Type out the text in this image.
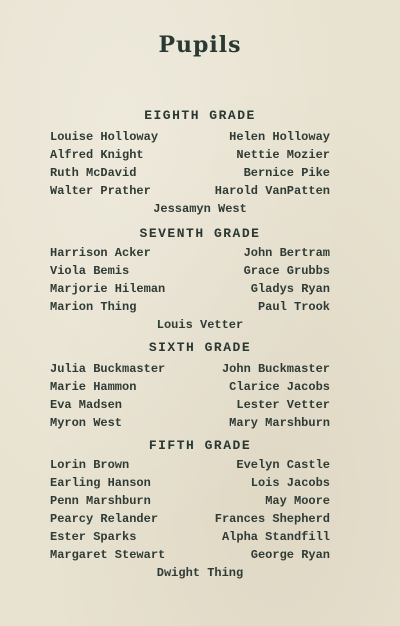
Pupils
EIGHTH GRADE
Louise Holloway	Helen Holloway
Alfred Knight	Nettie Mozier
Ruth McDavid	Bernice Pike
Walter Prather	Harold VanPatten
Jessamyn West
SEVENTH GRADE
Harrison Acker	John Bertram
Viola Bemis	Grace Grubbs
Marjorie Hileman	Gladys Ryan
Marion Thing	Paul Trook
Louis Vetter
SIXTH GRADE
Julia Buckmaster	John Buckmaster
Marie Hammon	Clarice Jacobs
Eva Madsen	Lester Vetter
Myron West	Mary Marshburn
FIFTH GRADE
Lorin Brown	Evelyn Castle
Earling Hanson	Lois Jacobs
Penn Marshburn	May Moore
Pearcy Relander	Frances Shepherd
Ester Sparks	Alpha Standfill
Margaret Stewart	George Ryan
Dwight Thing
